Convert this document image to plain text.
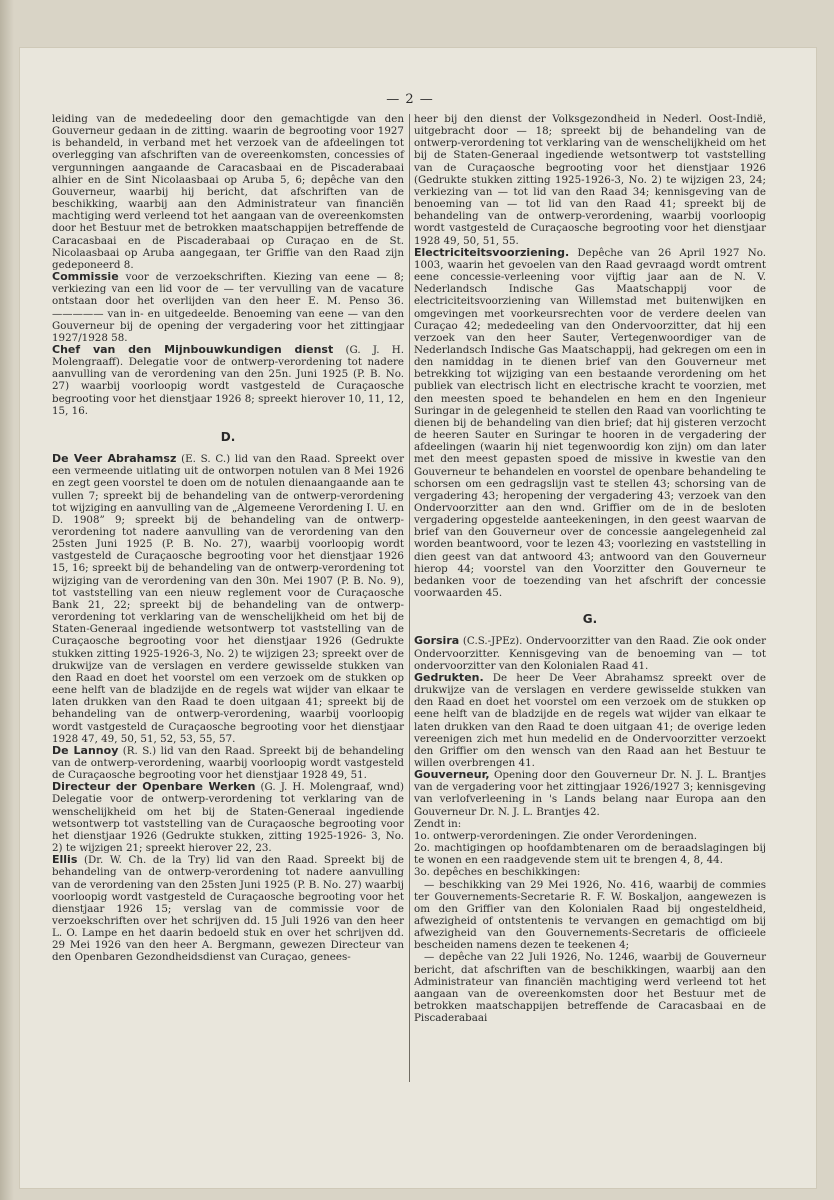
— 2 —

leiding van de mededeeling door den gemachtigde van den Gouverneur gedaan in de zitting. waarin de begrooting voor 1927 is behandeld, in verband met het verzoek van de afdeelingen tot overlegging van afschriften van de overeenkomsten, concessies of vergunningen aangaande de Caracasbaai en de Piscaderabaai alhier en de Sint Nicolaasbaai op Aruba 5, 6; depêche van den Gouverneur, waarbij hij bericht, dat afschriften van de beschikking, waarbij aan den Administrateur van financiën machtiging werd verleend tot het aangaan van de overeenkomsten door het Bestuur met de betrokken maatschappijen betreffende de Caracasbaai en de Piscaderabaai op Curaçao en de St. Nicolaasbaai op Aruba aangegaan, ter Griffie van den Raad zijn gedeponeerd 8.

Commissie voor de verzoekschriften. Kiezing van eene — 8; verkiezing van een lid voor de — ter vervulling van de vacature ontstaan door het overlijden van den heer E. M. Penso 36. ————— van in- en uitgedeelde. Benoeming van eene — van den Gouverneur bij de opening der vergadering voor het zittingjaar 1927/1928 58.

Chef van den Mijnbouwkundigen dienst (G. J. H. Molengraaff). Delegatie voor de ontwerp-verordening tot nadere aanvulling van de verordening van den 25n. Juni 1925 (P. B. No. 27) waarbij voorloopig wordt vastgesteld de Curaçaosche begrooting voor het dienstjaar 1926 8; spreekt hierover 10, 11, 12, 15, 16.

D.

De Veer Abrahamsz (E. S. C.) lid van den Raad. Spreekt over een vermeende uitlating uit de ontworpen notulen van 8 Mei 1926 en zegt geen voorstel te doen om de notulen dienaangaande aan te vullen 7; spreekt bij de behandeling van de ontwerp-verordening tot wijziging en aanvulling van de „Algemeene Verordening I. U. en D. 1908” 9; spreekt bij de behandeling van de ontwerp-verordening tot nadere aanvulling van de verordening van den 25sten Juni 1925 (P. B. No. 27), waarbij voorloopig wordt vastgesteld de Curaçaosche begrooting voor het dienstjaar 1926 15, 16; spreekt bij de behandeling van de ontwerp-verordening tot wijziging van de verordening van den 30n. Mei 1907 (P. B. No. 9), tot vaststelling van een nieuw reglement voor de Curaçaosche Bank 21, 22; spreekt bij de behandeling van de ontwerp-verordening tot verklaring van de wenschelijkheid om het bij de Staten-Generaal ingediende wetsontwerp tot vaststelling van de Curaçaosche begrooting voor het dienstjaar 1926 (Gedrukte stukken zitting 1925-1926-3, No. 2) te wijzigen 23; spreekt over de drukwijze van de verslagen en verdere gewisselde stukken van den Raad en doet het voorstel om een verzoek om de stukken op eene helft van de bladzijde en de regels wat wijder van elkaar te laten drukken van den Raad te doen uitgaan 41; spreekt bij de behandeling van de ontwerp-verordening, waarbij voorloopig wordt vastgesteld de Curaçaosche begrooting voor het dienstjaar 1928 47, 49, 50, 51, 52, 53, 55, 57.

De Lannoy (R. S.) lid van den Raad. Spreekt bij de behandeling van de ontwerp-verordening, waarbij voorloopig wordt vastgesteld de Curaçaosche begrooting voor het dienstjaar 1928 49, 51.

Directeur der Openbare Werken (G. J. H. Molengraaf, wnd) Delegatie voor de ontwerp-verordening tot verklaring van de wenschelijkheid om het bij de Staten-Generaal ingediende wetsontwerp tot vaststelling van de Curaçaosche begrooting voor het dienstjaar 1926 (Gedrukte stukken, zitting 1925-1926- 3, No. 2) te wijzigen 21; spreekt hierover 22, 23.

Ellis (Dr. W. Ch. de la Try) lid van den Raad. Spreekt bij de behandeling van de ontwerp-verordening tot nadere aanvulling van de verordening van den 25sten Juni 1925 (P. B. No. 27) waarbij voorloopig wordt vastgesteld de Curaçaosche begrooting voor het dienstjaar 1926 15; verslag van de commissie voor de verzoekschriften over het schrijven dd. 15 Juli 1926 van den heer L. O. Lampe en het daarin bedoeld stuk en over het schrijven dd. 29 Mei 1926 van den heer A. Bergmann, gewezen Directeur van den Openbaren Gezondheidsdienst van Curaçao, genees-

heer bij den dienst der Volksgezondheid in Nederl. Oost-Indië, uitgebracht door — 18; spreekt bij de behandeling van de ontwerp-verordening tot verklaring van de wenschelijkheid om het bij de Staten-Generaal ingediende wetsontwerp tot vaststelling van de Curaçaosche begrooting voor het dienstjaar 1926 (Gedrukte stukken zitting 1925-1926-3, No. 2) te wijzigen 23, 24; verkiezing van — tot lid van den Raad 34; kennisgeving van de benoeming van — tot lid van den Raad 41; spreekt bij de behandeling van de ontwerp-verordening, waarbij voorloopig wordt vastgesteld de Curaçaosche begrooting voor het dienstjaar 1928 49, 50, 51, 55.

Electriciteitsvoorziening. Depêche van 26 April 1927 No. 1003, waarin het gevoelen van den Raad gevraagd wordt omtrent eene concessie-verleening voor vijftig jaar aan de N. V. Nederlandsch Indische Gas Maatschappij voor de electriciteitsvoorziening van Willemstad met buitenwijken en omgevingen met voorkeursrechten voor de verdere deelen van Curaçao 42; mededeeling van den Ondervoorzitter, dat hij een verzoek van den heer Sauter, Vertegenwoordiger van de Nederlandsch Indische Gas Maatschappij, had gekregen om een in den namiddag in te dienen brief van den Gouverneur met betrekking tot wijziging van een bestaande verordening om het publiek van electrisch licht en electrische kracht te voorzien, met den meesten spoed te behandelen en hem en den Ingenieur Suringar in de gelegenheid te stellen den Raad van voorlichting te dienen bij de behandeling van dien brief; dat hij gisteren verzocht de heeren Sauter en Suringar te hooren in de vergadering der afdeelingen (waarin hij niet tegenwoordig kon zijn) om dan later met den meest gepasten spoed de missive in kwestie van den Gouverneur te behandelen en voorstel de openbare behandeling te schorsen om een gedragslijn vast te stellen 43; schorsing van de vergadering 43; heropening der vergadering 43; verzoek van den Ondervoorzitter aan den wnd. Griffier om de in de besloten vergadering opgestelde aanteekeningen, in den geest waarvan de brief van den Gouverneur over de concessie aangelegenheid zal worden beantwoord, voor te lezen 43; voorlezing en vaststelling in dien geest van dat antwoord 43; antwoord van den Gouverneur hierop 44; voorstel van den Voorzitter den Gouverneur te bedanken voor de toezending van het afschrift der concessie voorwaarden 45.

G.

Gorsira (C.S.-JPEz). Ondervoorzitter van den Raad. Zie ook onder Ondervoorzitter. Kennisgeving van de benoeming van — tot ondervoorzitter van den Kolonialen Raad 41.

Gedrukten. De heer De Veer Abrahamsz spreekt over de drukwijze van de verslagen en verdere gewisselde stukken van den Raad en doet het voorstel om een verzoek om de stukken op eene helft van de bladzijde en de regels wat wijder van elkaar te laten drukken van den Raad te doen uitgaan 41; de overige leden vereenigen zich met hun medelid en de Ondervoorzitter verzoekt den Griffier om den wensch van den Raad aan het Bestuur te willen overbrengen 41.

Gouverneur, Opening door den Gouverneur Dr. N. J. L. Brantjes van de vergadering voor het zittingjaar 1926/1927 3; kennisgeving van verlofverleening in 's Lands belang naar Europa aan den Gouverneur Dr. N. J. L. Brantjes 42.

Zendt in:

1o. ontwerp-verordeningen. Zie onder Verordeningen.

2o. machtigingen op hoofdambtenaren om de beraadslagingen bij te wonen en een raadgevende stem uit te brengen 4, 8, 44.

3o. depêches en beschikkingen:

— beschikking van 29 Mei 1926, No. 416, waarbij de commies ter Gouvernements-Secretarie R. F. W. Boskaljon, aangewezen is om den Griffier van den Kolonialen Raad bij ongesteldheid, afwezigheid of ontstentenis te vervangen en gemachtigd om bij afwezigheid van den Gouvernements-Secretaris de officieele bescheiden namens dezen te teekenen 4;

— depêche van 22 Juli 1926, No. 1246, waarbij de Gouverneur bericht, dat afschriften van de beschikkingen, waarbij aan den Administrateur van financiën machtiging werd verleend tot het aangaan van de overeenkomsten door het Bestuur met de betrokken maatschappijen betreffende de Caracasbaai en de Piscaderabaai
